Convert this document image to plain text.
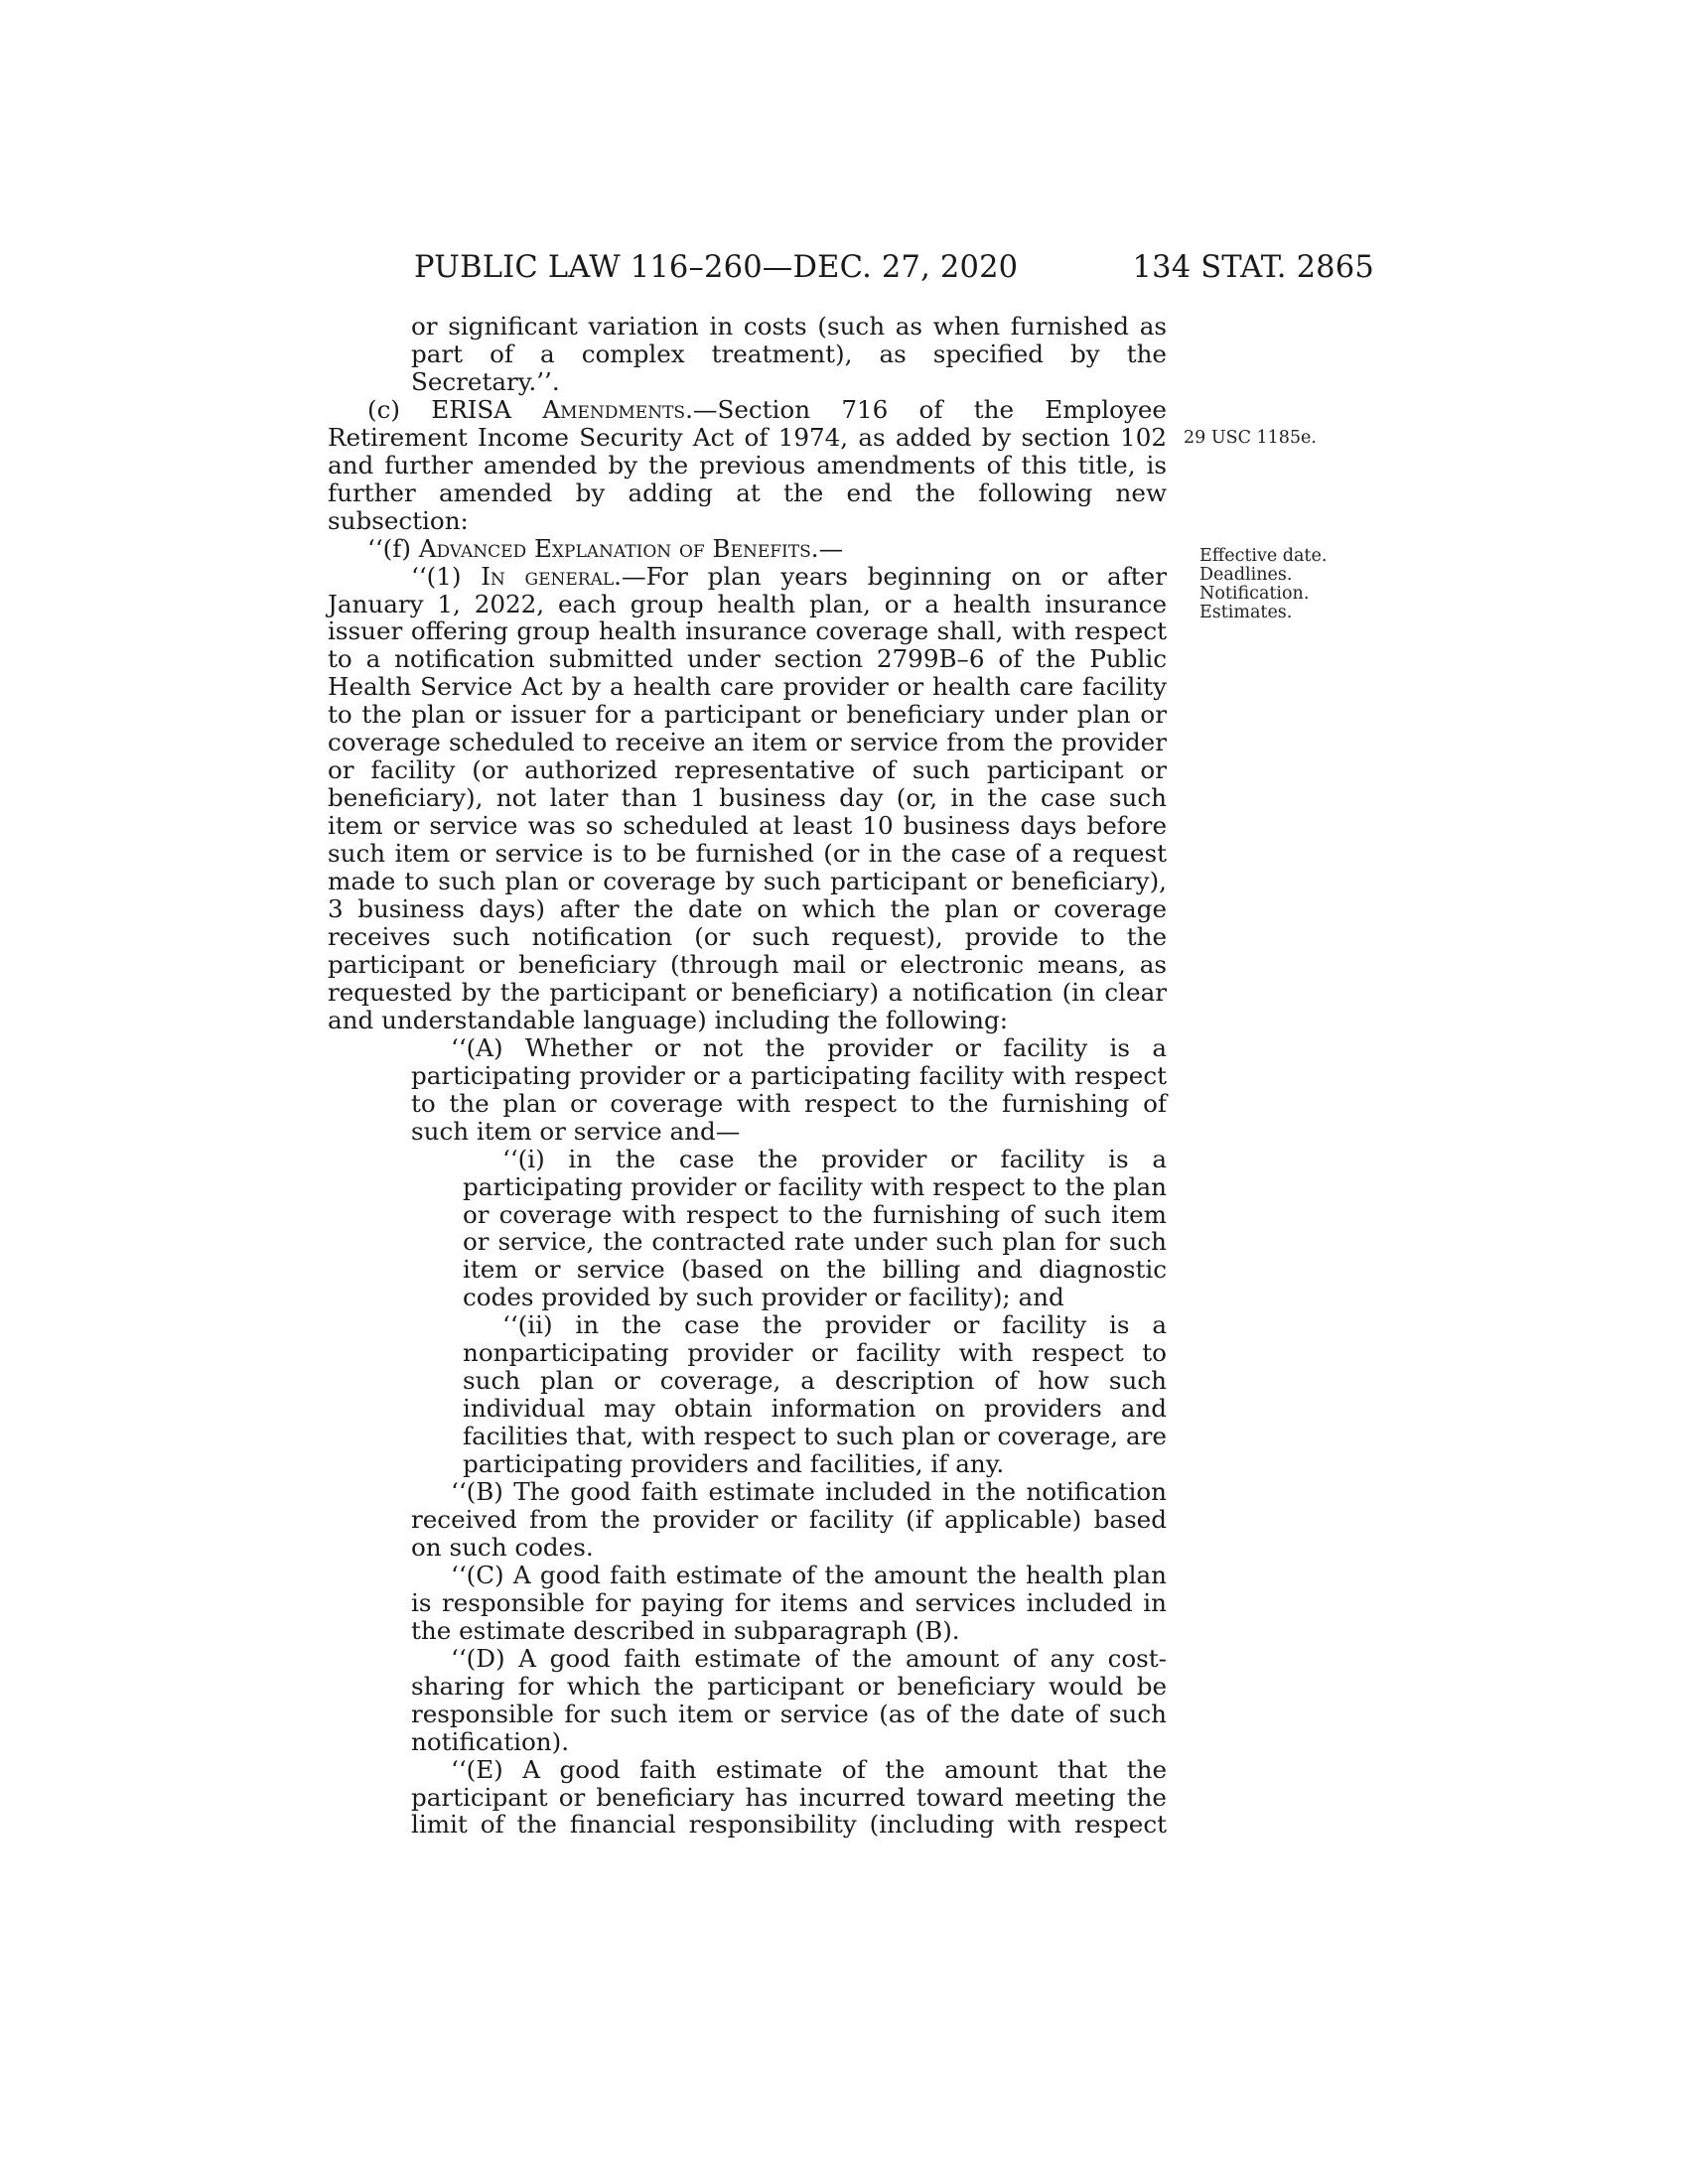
PUBLIC LAW 116–260—DEC. 27, 2020	134 STAT. 2865
29 USC 1185e.
Effective date.
Deadlines.
Notification.
Estimates.

or significant variation in costs (such as when furnished as part of a complex treatment), as specified by the Secretary.’’.

(c) ERISA Amendments.—Section 716 of the Employee Retirement Income Security Act of 1974, as added by section 102 and further amended by the previous amendments of this title, is further amended by adding at the end the following new subsection:

‘‘(f) Advanced Explanation of Benefits.—

‘‘(1) In general.—For plan years beginning on or after January 1, 2022, each group health plan, or a health insurance issuer offering group health insurance coverage shall, with respect to a notification submitted under section 2799B–6 of the Public Health Service Act by a health care provider or health care facility to the plan or issuer for a participant or beneficiary under plan or coverage scheduled to receive an item or service from the provider or facility (or authorized representative of such participant or beneficiary), not later than 1 business day (or, in the case such item or service was so scheduled at least 10 business days before such item or service is to be furnished (or in the case of a request made to such plan or coverage by such participant or beneficiary), 3 business days) after the date on which the plan or coverage receives such notification (or such request), provide to the participant or beneficiary (through mail or electronic means, as requested by the participant or beneficiary) a notification (in clear and understandable language) including the following:

‘‘(A) Whether or not the provider or facility is a participating provider or a participating facility with respect to the plan or coverage with respect to the furnishing of such item or service and—

‘‘(i) in the case the provider or facility is a participating provider or facility with respect to the plan or coverage with respect to the furnishing of such item or service, the contracted rate under such plan for such item or service (based on the billing and diagnostic codes provided by such provider or facility); and

‘‘(ii) in the case the provider or facility is a nonparticipating provider or facility with respect to such plan or coverage, a description of how such individual may obtain information on providers and facilities that, with respect to such plan or coverage, are participating providers and facilities, if any.

‘‘(B) The good faith estimate included in the notification received from the provider or facility (if applicable) based on such codes.

‘‘(C) A good faith estimate of the amount the health plan is responsible for paying for items and services included in the estimate described in subparagraph (B).

‘‘(D) A good faith estimate of the amount of any cost-sharing for which the participant or beneficiary would be responsible for such item or service (as of the date of such notification).

‘‘(E) A good faith estimate of the amount that the participant or beneficiary has incurred toward meeting the limit of the financial responsibility (including with respect
